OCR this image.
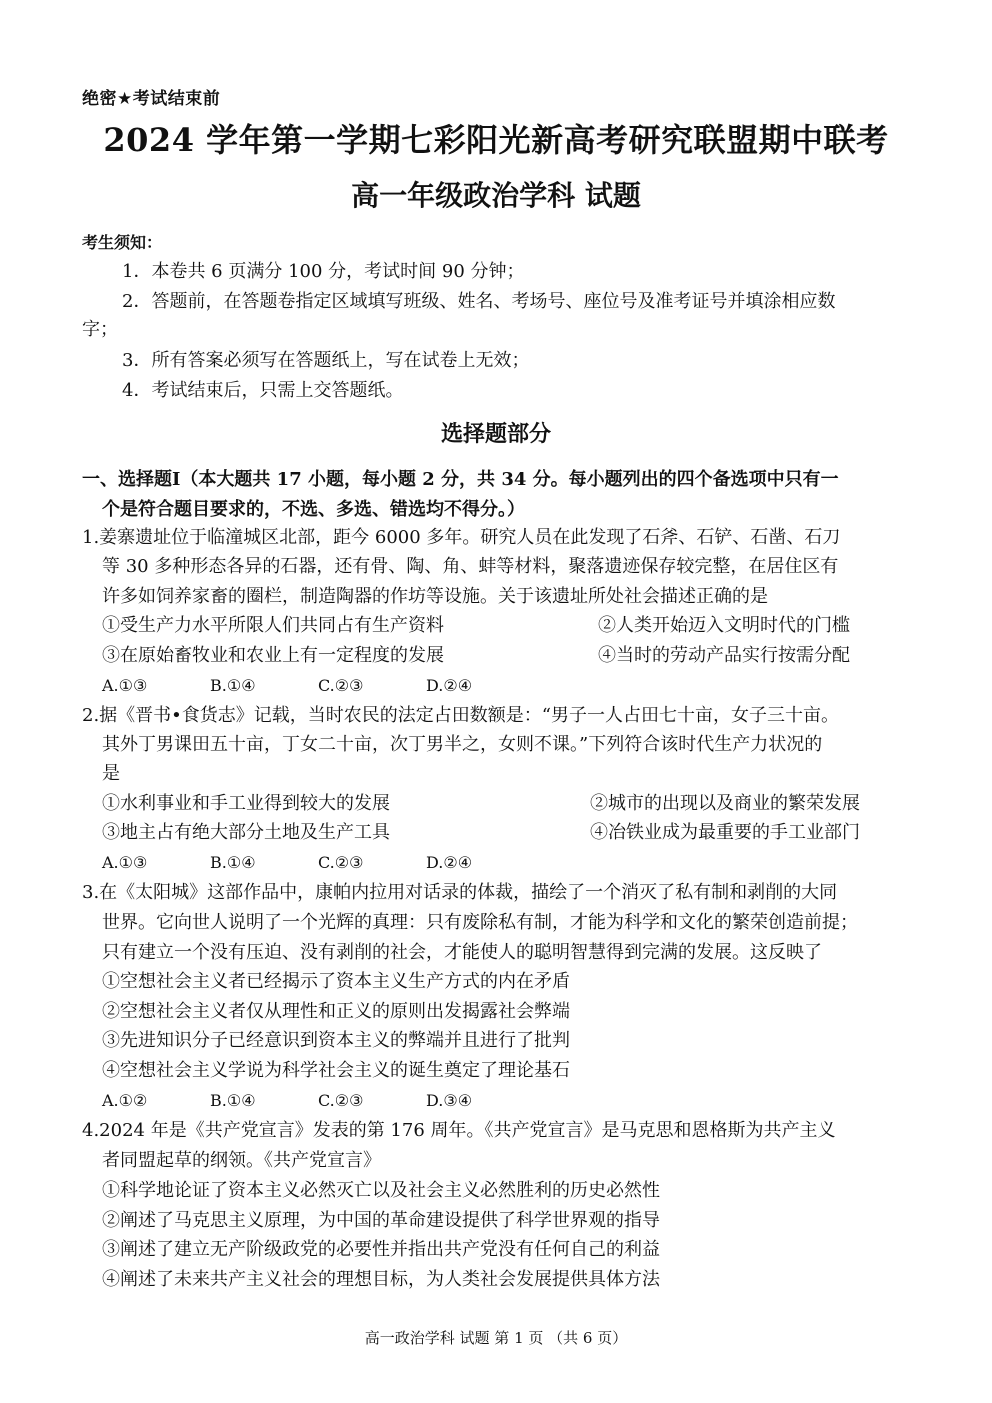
绝密★考试结束前
2024 学年第一学期七彩阳光新高考研究联盟期中联考
高一年级政治学科 试题
考生须知：
1．本卷共 6 页满分 100 分，考试时间 90 分钟；
2．答题前，在答题卷指定区域填写班级、姓名、考场号、座位号及准考证号并填涂相应数
字；
3．所有答案必须写在答题纸上，写在试卷上无效；
4．考试结束后，只需上交答题纸。
选择题部分
一、选择题Ⅰ（本大题共 17 小题，每小题 2 分，共 34 分。每小题列出的四个备选项中只有一
个是符合题目要求的，不选、多选、错选均不得分。）
1.姜寨遗址位于临潼城区北部，距今 6000 多年。研究人员在此发现了石斧、石铲、石凿、石刀
等 30 多种形态各异的石器，还有骨、陶、角、蚌等材料，聚落遗迹保存较完整，在居住区有
许多如饲养家畜的圈栏，制造陶器的作坊等设施。关于该遗址所处社会描述正确的是
①受生产力水平所限人们共同占有生产资料	②人类开始迈入文明时代的门槛
③在原始畜牧业和农业上有一定程度的发展	④当时的劳动产品实行按需分配
A.①③	B.①④	C.②③	D.②④
2.据《晋书•食货志》记载，当时农民的法定占田数额是：“男子一人占田七十亩，女子三十亩。
其外丁男课田五十亩，丁女二十亩，次丁男半之，女则不课。”下列符合该时代生产力状况的
是
①水利事业和手工业得到较大的发展	②城市的出现以及商业的繁荣发展
③地主占有绝大部分土地及生产工具	④冶铁业成为最重要的手工业部门
A.①③	B.①④	C.②③	D.②④
3.在《太阳城》这部作品中，康帕内拉用对话录的体裁，描绘了一个消灭了私有制和剥削的大同
世界。它向世人说明了一个光辉的真理：只有废除私有制，才能为科学和文化的繁荣创造前提；
只有建立一个没有压迫、没有剥削的社会，才能使人的聪明智慧得到完满的发展。这反映了
①空想社会主义者已经揭示了资本主义生产方式的内在矛盾
②空想社会主义者仅从理性和正义的原则出发揭露社会弊端
③先进知识分子已经意识到资本主义的弊端并且进行了批判
④空想社会主义学说为科学社会主义的诞生奠定了理论基石
A.①②	B.①④	C.②③	D.③④
4.2024 年是《共产党宣言》发表的第 176 周年。《共产党宣言》是马克思和恩格斯为共产主义
者同盟起草的纲领。《共产党宣言》
①科学地论证了资本主义必然灭亡以及社会主义必然胜利的历史必然性
②阐述了马克思主义原理，为中国的革命建设提供了科学世界观的指导
③阐述了建立无产阶级政党的必要性并指出共产党没有任何自己的利益
④阐述了未来共产主义社会的理想目标，为人类社会发展提供具体方法
高一政治学科 试题 第 1 页 （共 6 页）
